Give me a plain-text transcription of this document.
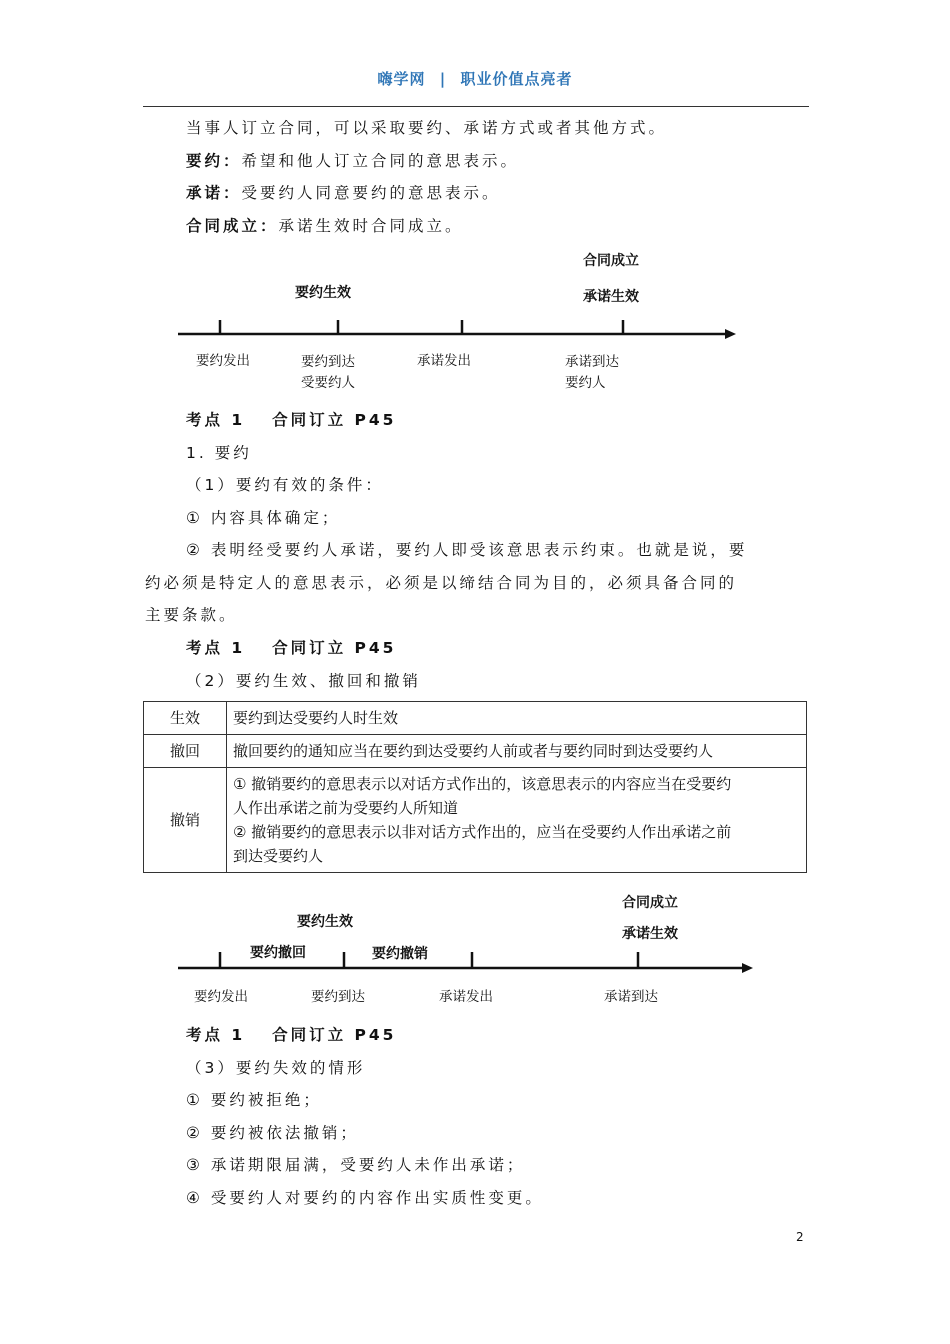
嗨学网 | 职业价值点亮者
当事人订立合同，可以采取要约、承诺方式或者其他方式。
要约：希望和他人订立合同的意思表示。
承诺：受要约人同意要约的意思表示。
合同成立：承诺生效时合同成立。
合同成立
承诺生效
要约生效
要约发出	要约到达
受要约人
承诺发出	承诺到达
要约人
考点 1　 合同订立 P45
1. 要约
（1）要约有效的条件：
① 内容具体确定；
② 表明经受要约人承诺，要约人即受该意思表示约束。也就是说，要
约必须是特定人的意思表示，必须是以缔结合同为目的，必须具备合同的
主要条款。
考点 1　 合同订立 P45
（2）要约生效、撤回和撤销
生效	要约到达受要约人时生效
撤回	撤回要约的通知应当在要约到达受要约人前或者与要约同时到达受要约人
撤销	① 撤销要约的意思表示以对话方式作出的，该意思表示的内容应当在受要约
人作出承诺之前为受要约人所知道
② 撤销要约的意思表示以非对话方式作出的，应当在受要约人作出承诺之前
到达受要约人
合同成立
承诺生效
要约生效
要约撤回	要约撤销
要约发出	要约到达	承诺发出	承诺到达
考点 1　 合同订立 P45
（3）要约失效的情形
① 要约被拒绝；
② 要约被依法撤销；
③ 承诺期限届满，受要约人未作出承诺；
④ 受要约人对要约的内容作出实质性变更。
2
